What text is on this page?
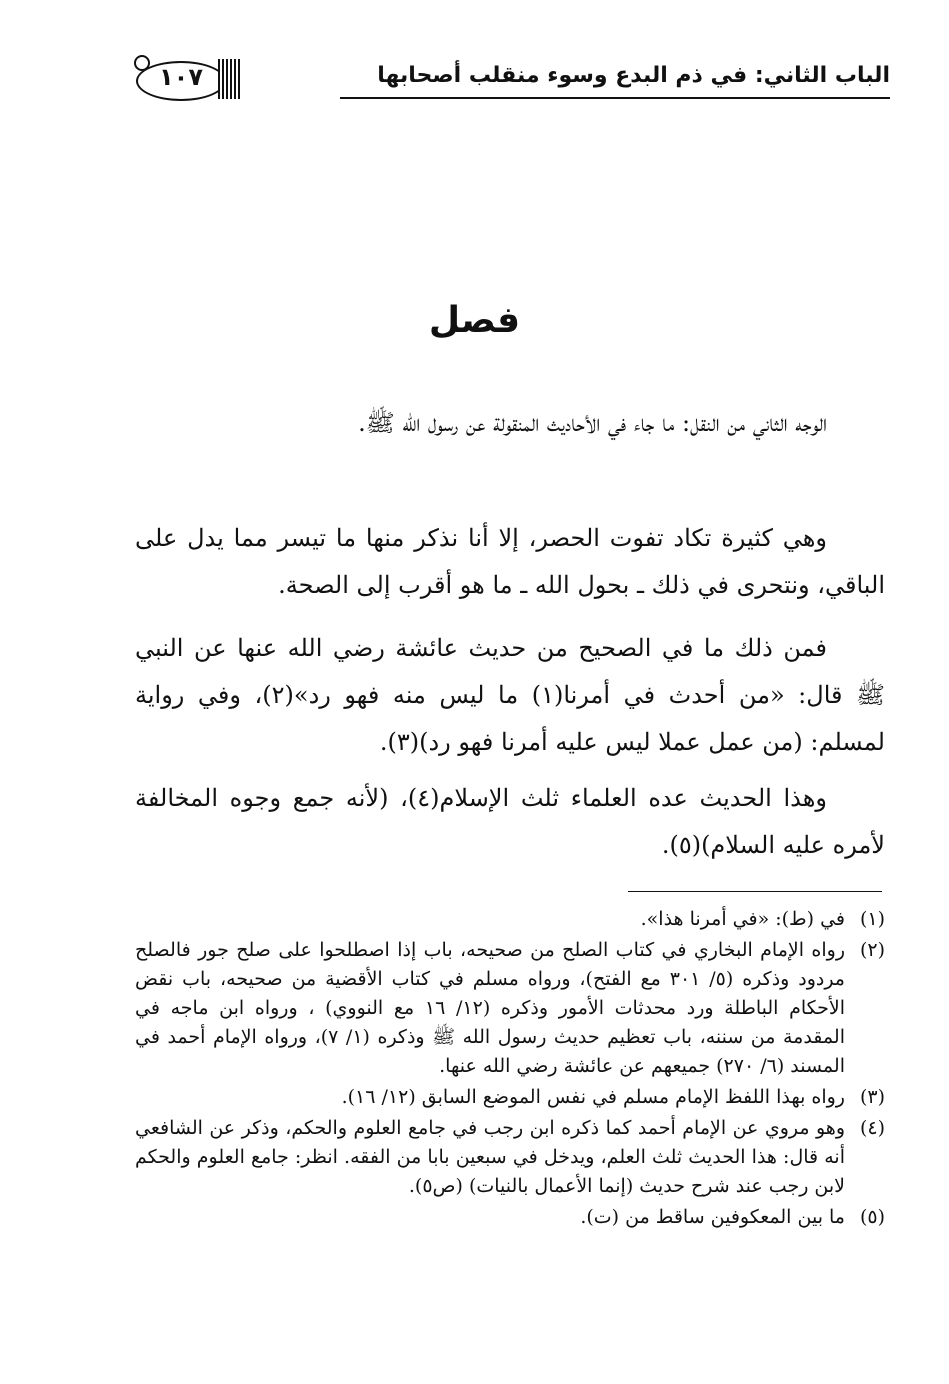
١٠٧	الباب الثاني: في ذم البدع وسوء منقلب أصحابها
فصل

الوجه الثاني من النقل: ما جاء في الأحاديث المنقولة عن رسول الله ﷺ.

وهي كثيرة تكاد تفوت الحصر، إلا أنا نذكر منها ما تيسر مما يدل على الباقي، ونتحرى في ذلك ـ بحول الله ـ ما هو أقرب إلى الصحة.

فمن ذلك ما في الصحيح من حديث عائشة رضي الله عنها عن النبي ﷺ قال: «من أحدث في أمرنا(١) ما ليس منه فهو رد»(٢)، وفي رواية لمسلم: (من عمل عملا ليس عليه أمرنا فهو رد)(٣).

وهذا الحديث عده العلماء ثلث الإسلام(٤)، (لأنه جمع وجوه المخالفة لأمره عليه السلام)(٥).

(١)
في (ط): «في أمرنا هذا».
(٢)
رواه الإمام البخاري في كتاب الصلح من صحيحه، باب إذا اصطلحوا على صلح جور فالصلح مردود وذكره (٥/ ٣٠١ مع الفتح)، ورواه مسلم في كتاب الأقضية من صحيحه، باب نقض الأحكام الباطلة ورد محدثات الأمور وذكره (١٢/ ١٦ مع النووي) ، ورواه ابن ماجه في المقدمة من سننه، باب تعظيم حديث رسول الله ﷺ وذكره (١/ ٧)، ورواه الإمام أحمد في المسند (٦/ ٢٧٠) جميعهم عن عائشة رضي الله عنها.
(٣)
رواه بهذا اللفظ الإمام مسلم في نفس الموضع السابق (١٢/ ١٦).
(٤)
وهو مروي عن الإمام أحمد كما ذكره ابن رجب في جامع العلوم والحكم، وذكر عن الشافعي أنه قال: هذا الحديث ثلث العلم، ويدخل في سبعين بابا من الفقه. انظر: جامع العلوم والحكم لابن رجب عند شرح حديث (إنما الأعمال بالنيات) (ص٥).
(٥)
ما بين المعكوفين ساقط من (ت).
